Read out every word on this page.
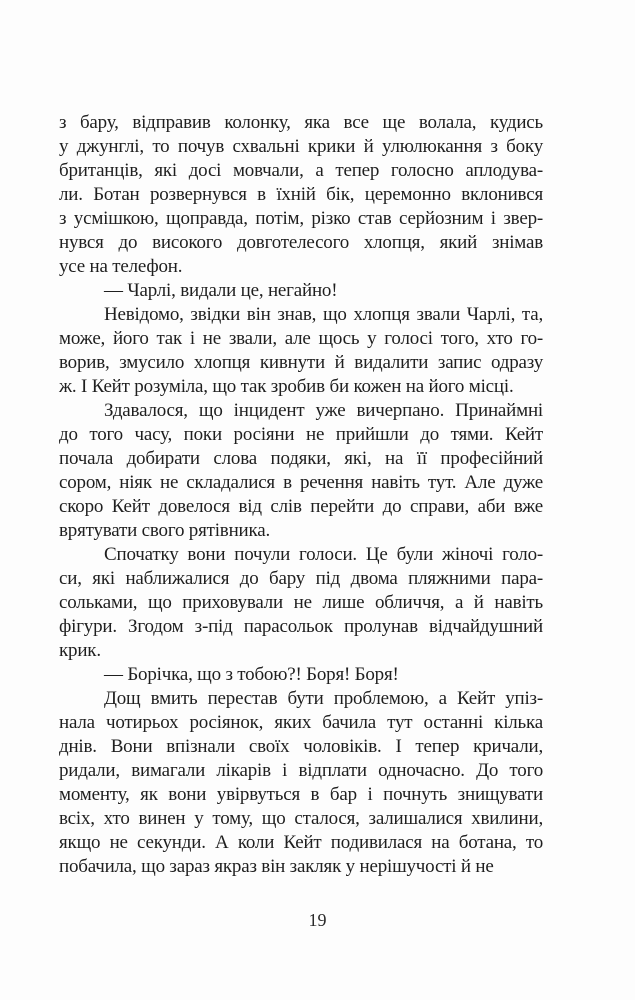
з бару, відправив колонку, яка все ще волала, кудись
у джунглі, то почув схвальні крики й улюлюкання з боку
британців, які досі мовчали, а тепер голосно аплодува-
ли. Ботан розвернувся в їхній бік, церемонно вклонився
з усмішкою, щоправда, потім, різко став серйозним і звер-
нувся до високого довготелесого хлопця, який знімав
усе на телефон.

— Чарлі, видали це, негайно!

Невідомо, звідки він знав, що хлопця звали Чарлі, та,
може, його так і не звали, але щось у голосі того, хто го-
ворив, змусило хлопця кивнути й видалити запис одразу
ж. І Кейт розуміла, що так зробив би кожен на його місці.

Здавалося, що інцидент уже вичерпано. Принаймні
до того часу, поки росіяни не прийшли до тями. Кейт
почала добирати слова подяки, які, на її професійний
сором, ніяк не складалися в речення навіть тут. Але дуже
скоро Кейт довелося від слів перейти до справи, аби вже
врятувати свого рятівника.

Спочатку вони почули голоси. Це були жіночі голо-
си, які наближалися до бару під двома пляжними пара-
сольками, що приховували не лише обличчя, а й навіть
фігури. Згодом з-під парасольок пролунав відчайдушний
крик.

— Борічка, що з тобою?! Боря! Боря!

Дощ вмить перестав бути проблемою, а Кейт упіз-
нала чотирьох росіянок, яких бачила тут останні кілька
днів. Вони впізнали своїх чоловіків. І тепер кричали,
ридали, вимагали лікарів і відплати одночасно. До того
моменту, як вони увірвуться в бар і почнуть знищувати
всіх, хто винен у тому, що сталося, залишалися хвилини,
якщо не секунди. А коли Кейт подивилася на ботана, то
побачила, що зараз якраз він закляк у нерішучості й не

19
